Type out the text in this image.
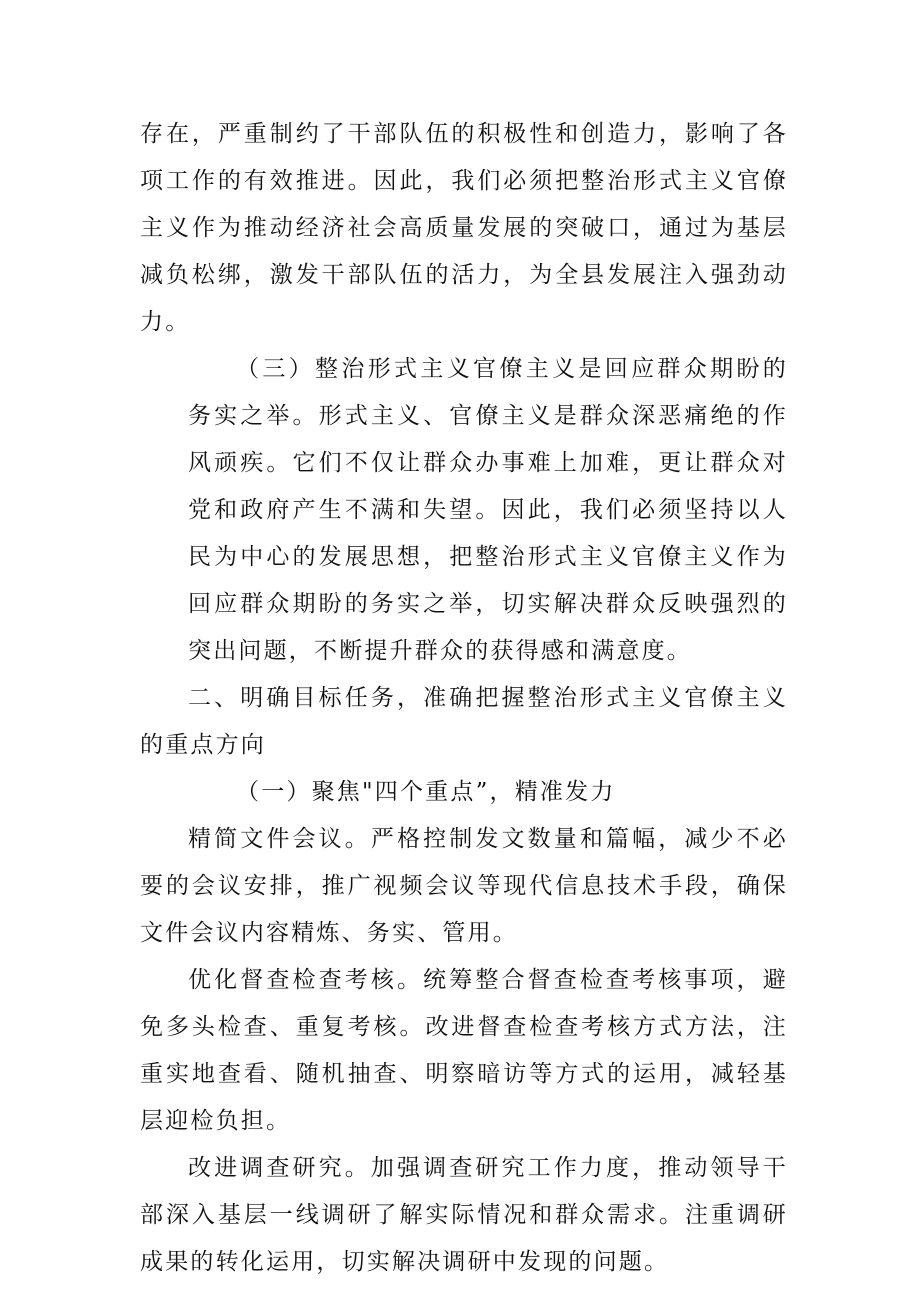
存在，严重制约了干部队伍的积极性和创造力，影响了各项工作的有效推进。因此，我们必须把整治形式主义官僚主义作为推动经济社会高质量发展的突破口，通过为基层减负松绑，激发干部队伍的活力，为全县发展注入强劲动力。

（三）整治形式主义官僚主义是回应群众期盼的务实之举。形式主义、官僚主义是群众深恶痛绝的作风顽疾。它们不仅让群众办事难上加难，更让群众对党和政府产生不满和失望。因此，我们必须坚持以人民为中心的发展思想，把整治形式主义官僚主义作为回应群众期盼的务实之举，切实解决群众反映强烈的突出问题，不断提升群众的获得感和满意度。

二、明确目标任务，准确把握整治形式主义官僚主义的重点方向

（一）聚焦"四个重点”，精准发力

精简文件会议。严格控制发文数量和篇幅，减少不必要的会议安排，推广视频会议等现代信息技术手段，确保文件会议内容精炼、务实、管用。

优化督查检查考核。统筹整合督查检查考核事项，避免多头检查、重复考核。改进督查检查考核方式方法，注重实地查看、随机抽查、明察暗访等方式的运用，减轻基层迎检负担。

改进调查研究。加强调查研究工作力度，推动领导干部深入基层一线调研了解实际情况和群众需求。注重调研成果的转化运用，切实解决调研中发现的问题。
